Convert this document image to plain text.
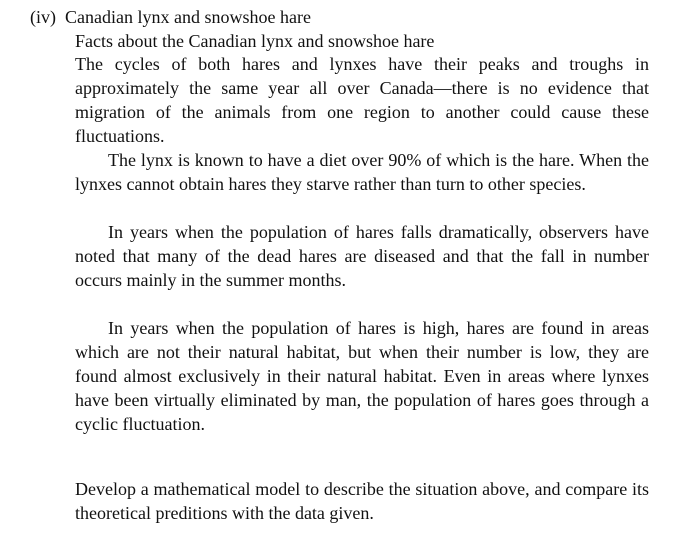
(iv) Canadian lynx and snowshoe hare
Facts about the Canadian lynx and snowshoe hare

The cycles of both hares and lynxes have their peaks and troughs in approximately the same year all over Canada—there is no evidence that migration of the animals from one region to another could cause these fluctuations.

The lynx is known to have a diet over 90% of which is the hare. When the lynxes cannot obtain hares they starve rather than turn to other species.

In years when the population of hares falls dramatically, observers have noted that many of the dead hares are diseased and that the fall in number occurs mainly in the summer months.

In years when the population of hares is high, hares are found in areas which are not their natural habitat, but when their number is low, they are found almost exclusively in their natural habitat. Even in areas where lynxes have been virtually eliminated by man, the population of hares goes through a cyclic fluctuation.

Develop a mathematical model to describe the situation above, and compare its theoretical preditions with the data given.
